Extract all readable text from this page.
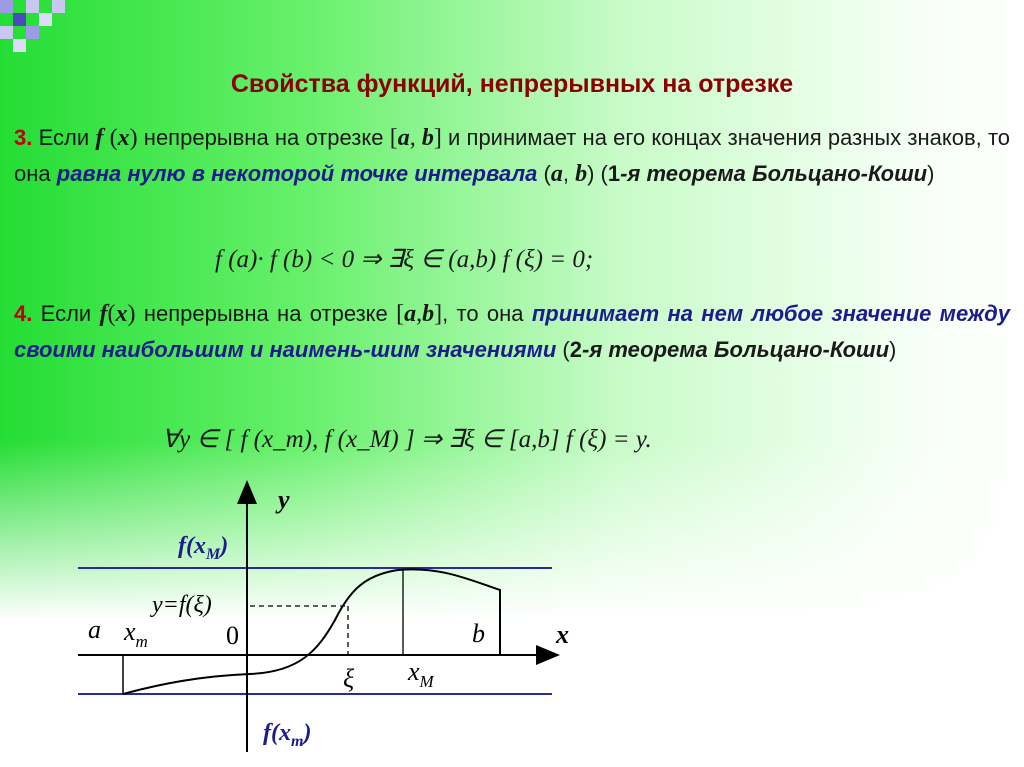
Свойства функций, непрерывных на отрезке
3. Если f (x) непрерывна на отрезке [a, b] и принимает на его концах значения разных знаков, то она равна нулю в некоторой точке интервала (a, b) (1-я теорема Больцано-Коши)
f (a)· f (b) < 0 ⇒ ∃ξ ∈ (a,b) f (ξ) = 0;
4. Если f(x) непрерывна на отрезке [a,b], то она принимает на нем любое значение между своими наибольшим и наимень-шим значениями (2-я теорема Больцано-Коши)
∀y ∈ [ f (x_m), f (x_M) ] ⇒ ∃ξ ∈ [a,b] f (ξ) = y.
y
x
$f(x_M)$
$f(x_m)$
y=f(ξ)
a $x_m$	0	b
ξ $x_M$
